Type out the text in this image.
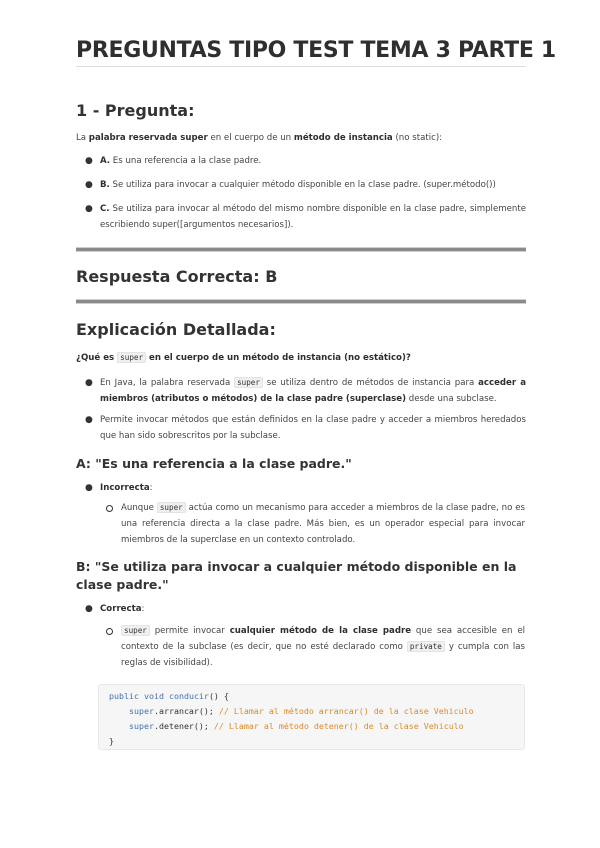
PREGUNTAS TIPO TEST TEMA 3 PARTE 1
1 - Pregunta:
La palabra reservada super en el cuerpo de un método de instancia (no static):
● A. Es una referencia a la clase padre.
● B. Se utiliza para invocar a cualquier método disponible en la clase padre. (super.método())
● C. Se utiliza para invocar al método del mismo nombre disponible en la clase padre, simplemente escribiendo super([argumentos necesarios]).
Respuesta Correcta: B
Explicación Detallada:
¿Qué es super en el cuerpo de un método de instancia (no estático)?
● En Java, la palabra reservada super se utiliza dentro de métodos de instancia para acceder a miembros (atributos o métodos) de la clase padre (superclase) desde una subclase.
● Permite invocar métodos que están definidos en la clase padre y acceder a miembros heredados que han sido sobrescritos por la subclase.
A: "Es una referencia a la clase padre."
● Incorrecta:
Aunque super actúa como un mecanismo para acceder a miembros de la clase padre, no es una referencia directa a la clase padre. Más bien, es un operador especial para invocar miembros de la superclase en un contexto controlado.
B: "Se utiliza para invocar a cualquier método disponible en la clase padre."
● Correcta:
super permite invocar cualquier método de la clase padre que sea accesible en el contexto de la subclase (es decir, que no esté declarado como private y cumpla con las reglas de visibilidad).
public void conducir() {
super.arrancar(); // Llamar al método arrancar() de la clase Vehiculo
super.detener(); // Llamar al método detener() de la clase Vehiculo
}
